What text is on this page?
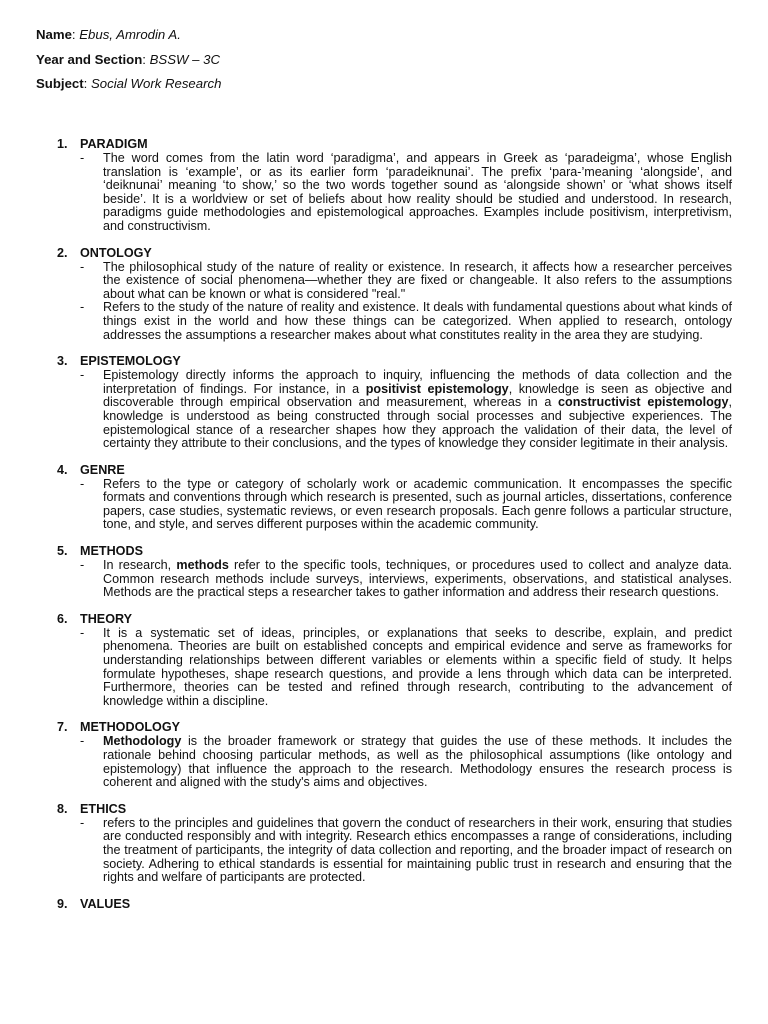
Name: Ebus, Amrodin A.
Year and Section: BSSW – 3C
Subject: Social Work Research
1. PARADIGM
- The word comes from the latin word ‘paradigma’, and appears in Greek as ‘paradeigma’, whose English translation is ‘example’, or as its earlier form ‘paradeiknunai’. The prefix ‘para-’meaning ‘alongside’, and ‘deiknunai’ meaning ‘to show,’ so the two words together sound as ‘alongside shown’ or ‘what shows itself beside’. It is a worldview or set of beliefs about how reality should be studied and understood. In research, paradigms guide methodologies and epistemological approaches. Examples include positivism, interpretivism, and constructivism.
2. ONTOLOGY
- The philosophical study of the nature of reality or existence. In research, it affects how a researcher perceives the existence of social phenomena—whether they are fixed or changeable. It also refers to the assumptions about what can be known or what is considered "real."
- Refers to the study of the nature of reality and existence. It deals with fundamental questions about what kinds of things exist in the world and how these things can be categorized. When applied to research, ontology addresses the assumptions a researcher makes about what constitutes reality in the area they are studying.
3. EPISTEMOLOGY
- Epistemology directly informs the approach to inquiry, influencing the methods of data collection and the interpretation of findings. For instance, in a positivist epistemology, knowledge is seen as objective and discoverable through empirical observation and measurement, whereas in a constructivist epistemology, knowledge is understood as being constructed through social processes and subjective experiences. The epistemological stance of a researcher shapes how they approach the validation of their data, the level of certainty they attribute to their conclusions, and the types of knowledge they consider legitimate in their analysis.
4. GENRE
- Refers to the type or category of scholarly work or academic communication. It encompasses the specific formats and conventions through which research is presented, such as journal articles, dissertations, conference papers, case studies, systematic reviews, or even research proposals. Each genre follows a particular structure, tone, and style, and serves different purposes within the academic community.
5. METHODS
- In research, methods refer to the specific tools, techniques, or procedures used to collect and analyze data. Common research methods include surveys, interviews, experiments, observations, and statistical analyses. Methods are the practical steps a researcher takes to gather information and address their research questions.
6. THEORY
- It is a systematic set of ideas, principles, or explanations that seeks to describe, explain, and predict phenomena. Theories are built on established concepts and empirical evidence and serve as frameworks for understanding relationships between different variables or elements within a specific field of study. It helps formulate hypotheses, shape research questions, and provide a lens through which data can be interpreted. Furthermore, theories can be tested and refined through research, contributing to the advancement of knowledge within a discipline.
7. METHODOLOGY
- Methodology is the broader framework or strategy that guides the use of these methods. It includes the rationale behind choosing particular methods, as well as the philosophical assumptions (like ontology and epistemology) that influence the approach to the research. Methodology ensures the research process is coherent and aligned with the study's aims and objectives.
8. ETHICS
- refers to the principles and guidelines that govern the conduct of researchers in their work, ensuring that studies are conducted responsibly and with integrity. Research ethics encompasses a range of considerations, including the treatment of participants, the integrity of data collection and reporting, and the broader impact of research on society. Adhering to ethical standards is essential for maintaining public trust in research and ensuring that the rights and welfare of participants are protected.
9. VALUES
